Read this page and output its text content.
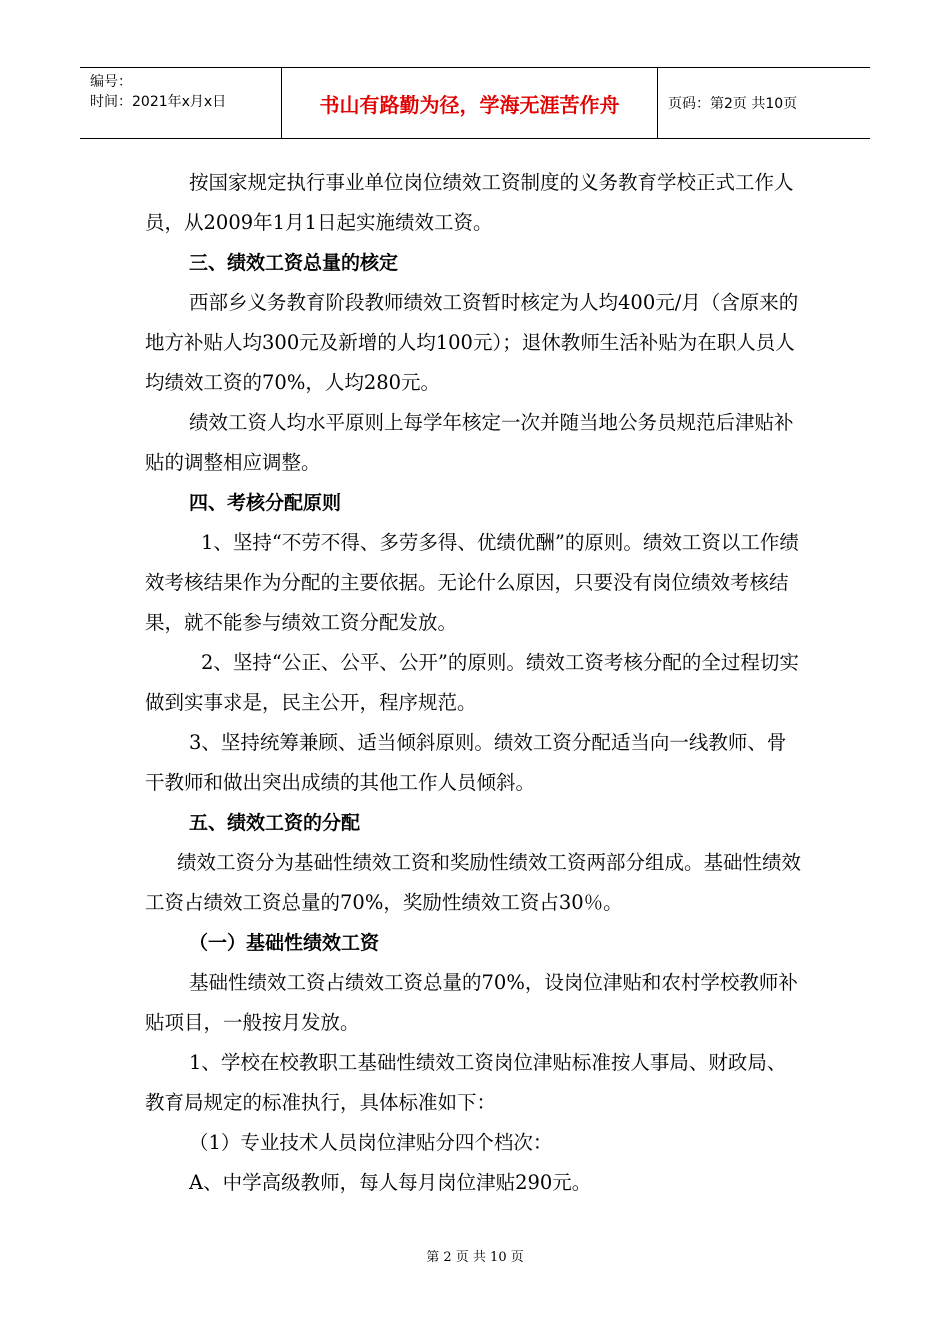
编号：
时间：2021年x月x日	书山有路勤为径，学海无涯苦作舟	页码：第2页 共10页

按国家规定执行事业单位岗位绩效工资制度的义务教育学校正式工作人员，从2009年1月1日起实施绩效工资。

三、绩效工资总量的核定

西部乡义务教育阶段教师绩效工资暂时核定为人均400元/月（含原来的地方补贴人均300元及新增的人均100元）；退休教师生活补贴为在职人员人均绩效工资的70%，人均280元。

绩效工资人均水平原则上每学年核定一次并随当地公务员规范后津贴补贴的调整相应调整。

四、考核分配原则

1、坚持“不劳不得、多劳多得、优绩优酬”的原则。绩效工资以工作绩效考核结果作为分配的主要依据。无论什么原因，只要没有岗位绩效考核结果，就不能参与绩效工资分配发放。

2、坚持“公正、公平、公开”的原则。绩效工资考核分配的全过程切实做到实事求是，民主公开，程序规范。

3、坚持统筹兼顾、适当倾斜原则。绩效工资分配适当向一线教师、骨干教师和做出突出成绩的其他工作人员倾斜。

五、绩效工资的分配

绩效工资分为基础性绩效工资和奖励性绩效工资两部分组成。基础性绩效工资占绩效工资总量的70%，奖励性绩效工资占30％。

（一）基础性绩效工资

基础性绩效工资占绩效工资总量的70%，设岗位津贴和农村学校教师补贴项目，一般按月发放。

1、学校在校教职工基础性绩效工资岗位津贴标准按人事局、财政局、教育局规定的标准执行，具体标准如下：

（1）专业技术人员岗位津贴分四个档次：

A、中学高级教师，每人每月岗位津贴290元。

第 2 页 共 10 页
